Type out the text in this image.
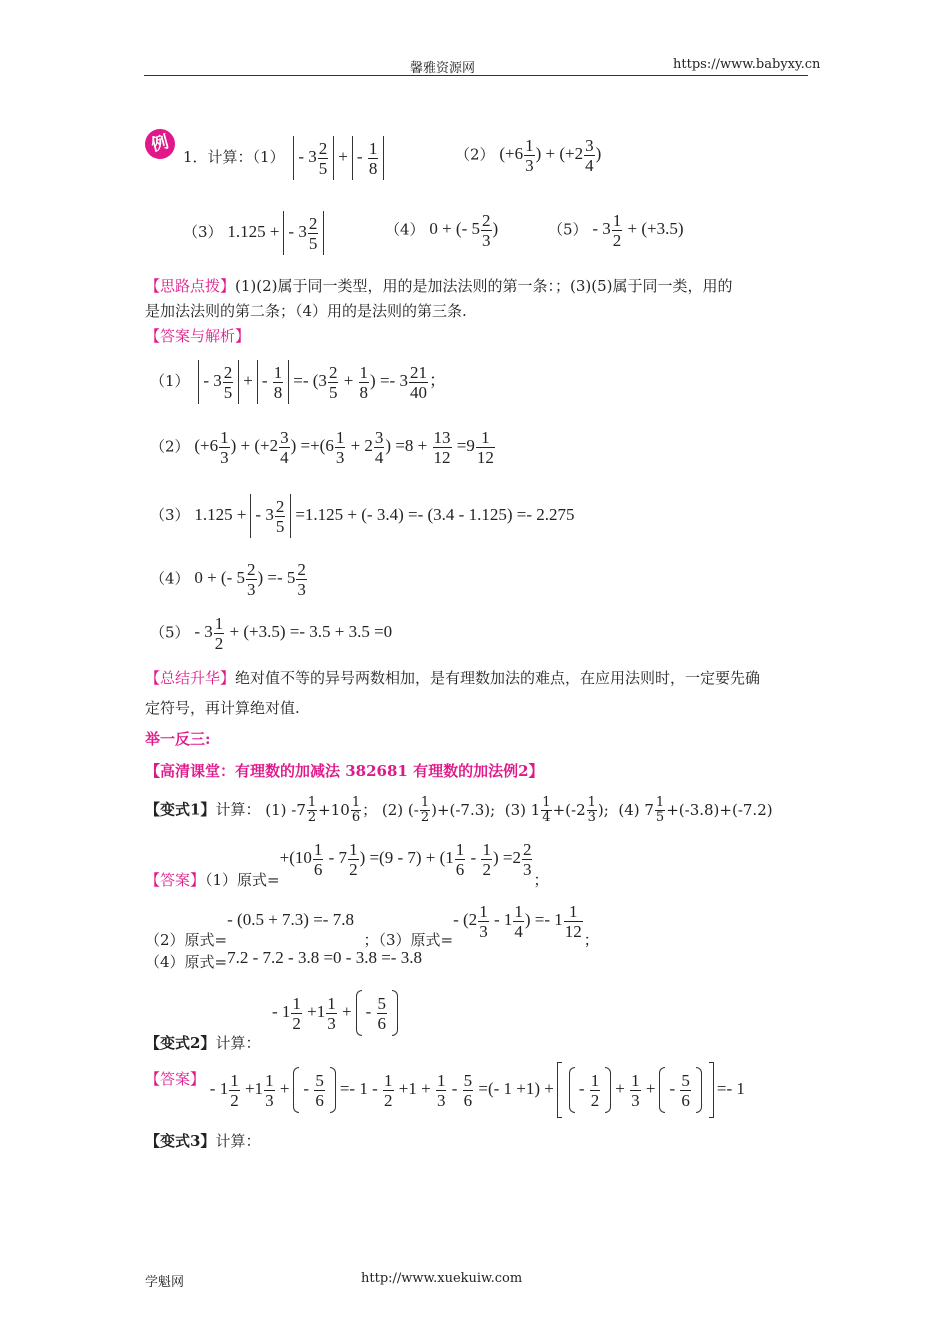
馨雅资源网	https://www.babyxy.cn
例
1．计算：$(1) - 3 \frac{2}{5}$ + - $\frac{1}{8}$	（2） ($+6 \frac{1}{3}$ ) + ($+2 \frac{3}{4}$ )
（3） 1.125 + - $3 \frac{2}{5}$	（4） 0 + (- $5 \frac{2}{3}$ )	$(5) - 3 \frac{1}{2} + (+3.5)$
【思路点拨】(1)(2)属于同一类型，用的是加法法则的第一条：；(3)(5)属于同一类，用的
是加法法则的第二条；（4）用的是法则的第三条.
【答案与解析】
$(1) - 3 \frac{2}{5}$ + - $\frac{1}{8} =- (3 \frac{2}{5} + \frac{1}{8}$ ) =- $3 \frac{21}{40}$ ；
（2） ($+6 \frac{1}{3}$ ) + ($+2 \frac{3}{4}$ ) $=+(6 \frac{1}{3} + 2 \frac{3}{4}$ ) $=8 + \frac{13}{12} =9 \frac{1}{12}$
（3） 1.125 + - $3 \frac{2}{5} =1.125$ + (- 3.4) =- (3.4 - 1.125) =- 2.275
（4） 0 + (- $5 \frac{2}{3}$ ) =- $5 \frac{2}{3}$
$(5) - 3 \frac{1}{2} + (+3.5) =- 3.5 + 3.5 =0$
【总结升华】绝对值不等的异号两数相加，是有理数加法的难点，在应用法则时，一定要先确
定符号，再计算绝对值.
举一反三:
【高清课堂：有理数的加减法 382681 有理数的加法例2】
【变式1】计算： (1) $-7 \frac{1}{2} +10 \frac{1}{6}$ ； (2) (- $\frac{1}{2} )+(-7.3)$;  (3) $1 \frac{1}{4} +(-2 \frac{1}{3}$ );  (4) $7 \frac{1}{5} +(-3.8)+(-7.2)$
【答案】（1）原式$=+(10 \frac{1}{6} - 7 \frac{1}{2}$ ) $=(9 - 7) + (1 \frac{1}{6} - \frac{1}{2}$ ) $=2 \frac{2}{3}$
；
（2）原式=- (0.5 + 7.3) =- 7.8  ；（3）原式=- ($2 \frac{1}{3} - 1 \frac{1}{4}$ ) =- $1 \frac{1}{12}$ ；
（4）原式=7.2 - 7.2 - 3.8 =0 - 3.8 =- 3.8
- $1 \frac{1}{2} +1 \frac{1}{3}$ + - $\frac{5}{6}$
【变式2】计算：
【答案】 - $1 \frac{1}{2} +1 \frac{1}{3}$ + - $\frac{5}{6} =- 1 - \frac{1}{2} +1 + \frac{1}{3} - \frac{5}{6}$ =(- 1 +1) + - $\frac{1}{2} + \frac{1}{3}$ + - $\frac{5}{6} =- 1$
【变式3】计算：
学魁网	http://www.xuekuiw.com
